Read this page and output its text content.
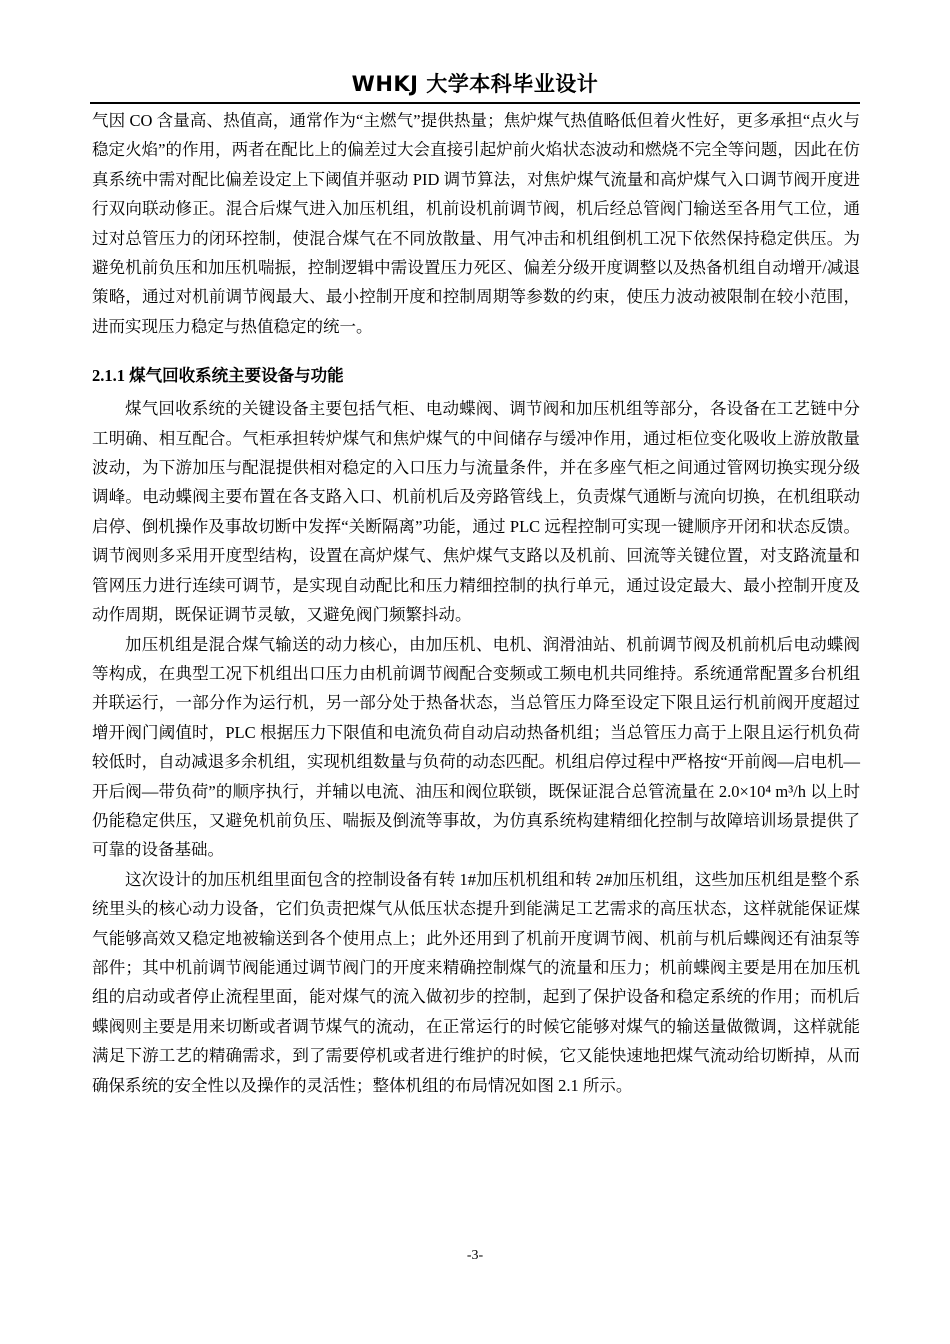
WHKJ 大学本科毕业设计

气因 CO 含量高、热值高，通常作为“主燃气”提供热量；焦炉煤气热值略低但着火性好，更多承担“点火与稳定火焰”的作用，两者在配比上的偏差过大会直接引起炉前火焰状态波动和燃烧不完全等问题，因此在仿真系统中需对配比偏差设定上下阈值并驱动 PID 调节算法，对焦炉煤气流量和高炉煤气入口调节阀开度进行双向联动修正。混合后煤气进入加压机组，机前设机前调节阀，机后经总管阀门输送至各用气工位，通过对总管压力的闭环控制，使混合煤气在不同放散量、用气冲击和机组倒机工况下依然保持稳定供压。为避免机前负压和加压机喘振，控制逻辑中需设置压力死区、偏差分级开度调整以及热备机组自动增开/减退策略，通过对机前调节阀最大、最小控制开度和控制周期等参数的约束，使压力波动被限制在较小范围，进而实现压力稳定与热值稳定的统一。

2.1.1 煤气回收系统主要设备与功能

煤气回收系统的关键设备主要包括气柜、电动蝶阀、调节阀和加压机组等部分，各设备在工艺链中分工明确、相互配合。气柜承担转炉煤气和焦炉煤气的中间储存与缓冲作用，通过柜位变化吸收上游放散量波动，为下游加压与配混提供相对稳定的入口压力与流量条件，并在多座气柜之间通过管网切换实现分级调峰。电动蝶阀主要布置在各支路入口、机前机后及旁路管线上，负责煤气通断与流向切换，在机组联动启停、倒机操作及事故切断中发挥“关断隔离”功能，通过 PLC 远程控制可实现一键顺序开闭和状态反馈。调节阀则多采用开度型结构，设置在高炉煤气、焦炉煤气支路以及机前、回流等关键位置，对支路流量和管网压力进行连续可调节，是实现自动配比和压力精细控制的执行单元，通过设定最大、最小控制开度及动作周期，既保证调节灵敏，又避免阀门频繁抖动。

加压机组是混合煤气输送的动力核心，由加压机、电机、润滑油站、机前调节阀及机前机后电动蝶阀等构成，在典型工况下机组出口压力由机前调节阀配合变频或工频电机共同维持。系统通常配置多台机组并联运行，一部分作为运行机，另一部分处于热备状态，当总管压力降至设定下限且运行机前阀开度超过增开阀门阈值时，PLC 根据压力下限值和电流负荷自动启动热备机组；当总管压力高于上限且运行机负荷较低时，自动减退多余机组，实现机组数量与负荷的动态匹配。机组启停过程中严格按“开前阀—启电机—开后阀—带负荷”的顺序执行，并辅以电流、油压和阀位联锁，既保证混合总管流量在 2.0×10⁴ m³/h 以上时仍能稳定供压，又避免机前负压、喘振及倒流等事故，为仿真系统构建精细化控制与故障培训场景提供了可靠的设备基础。

这次设计的加压机组里面包含的控制设备有转 1#加压机机组和转 2#加压机组，这些加压机组是整个系统里头的核心动力设备，它们负责把煤气从低压状态提升到能满足工艺需求的高压状态，这样就能保证煤气能够高效又稳定地被输送到各个使用点上；此外还用到了机前开度调节阀、机前与机后蝶阀还有油泵等部件；其中机前调节阀能通过调节阀门的开度来精确控制煤气的流量和压力；机前蝶阀主要是用在加压机组的启动或者停止流程里面，能对煤气的流入做初步的控制，起到了保护设备和稳定系统的作用；而机后蝶阀则主要是用来切断或者调节煤气的流动，在正常运行的时候它能够对煤气的输送量做微调，这样就能满足下游工艺的精确需求，到了需要停机或者进行维护的时候，它又能快速地把煤气流动给切断掉，从而确保系统的安全性以及操作的灵活性；整体机组的布局情况如图 2.1 所示。

-3-
